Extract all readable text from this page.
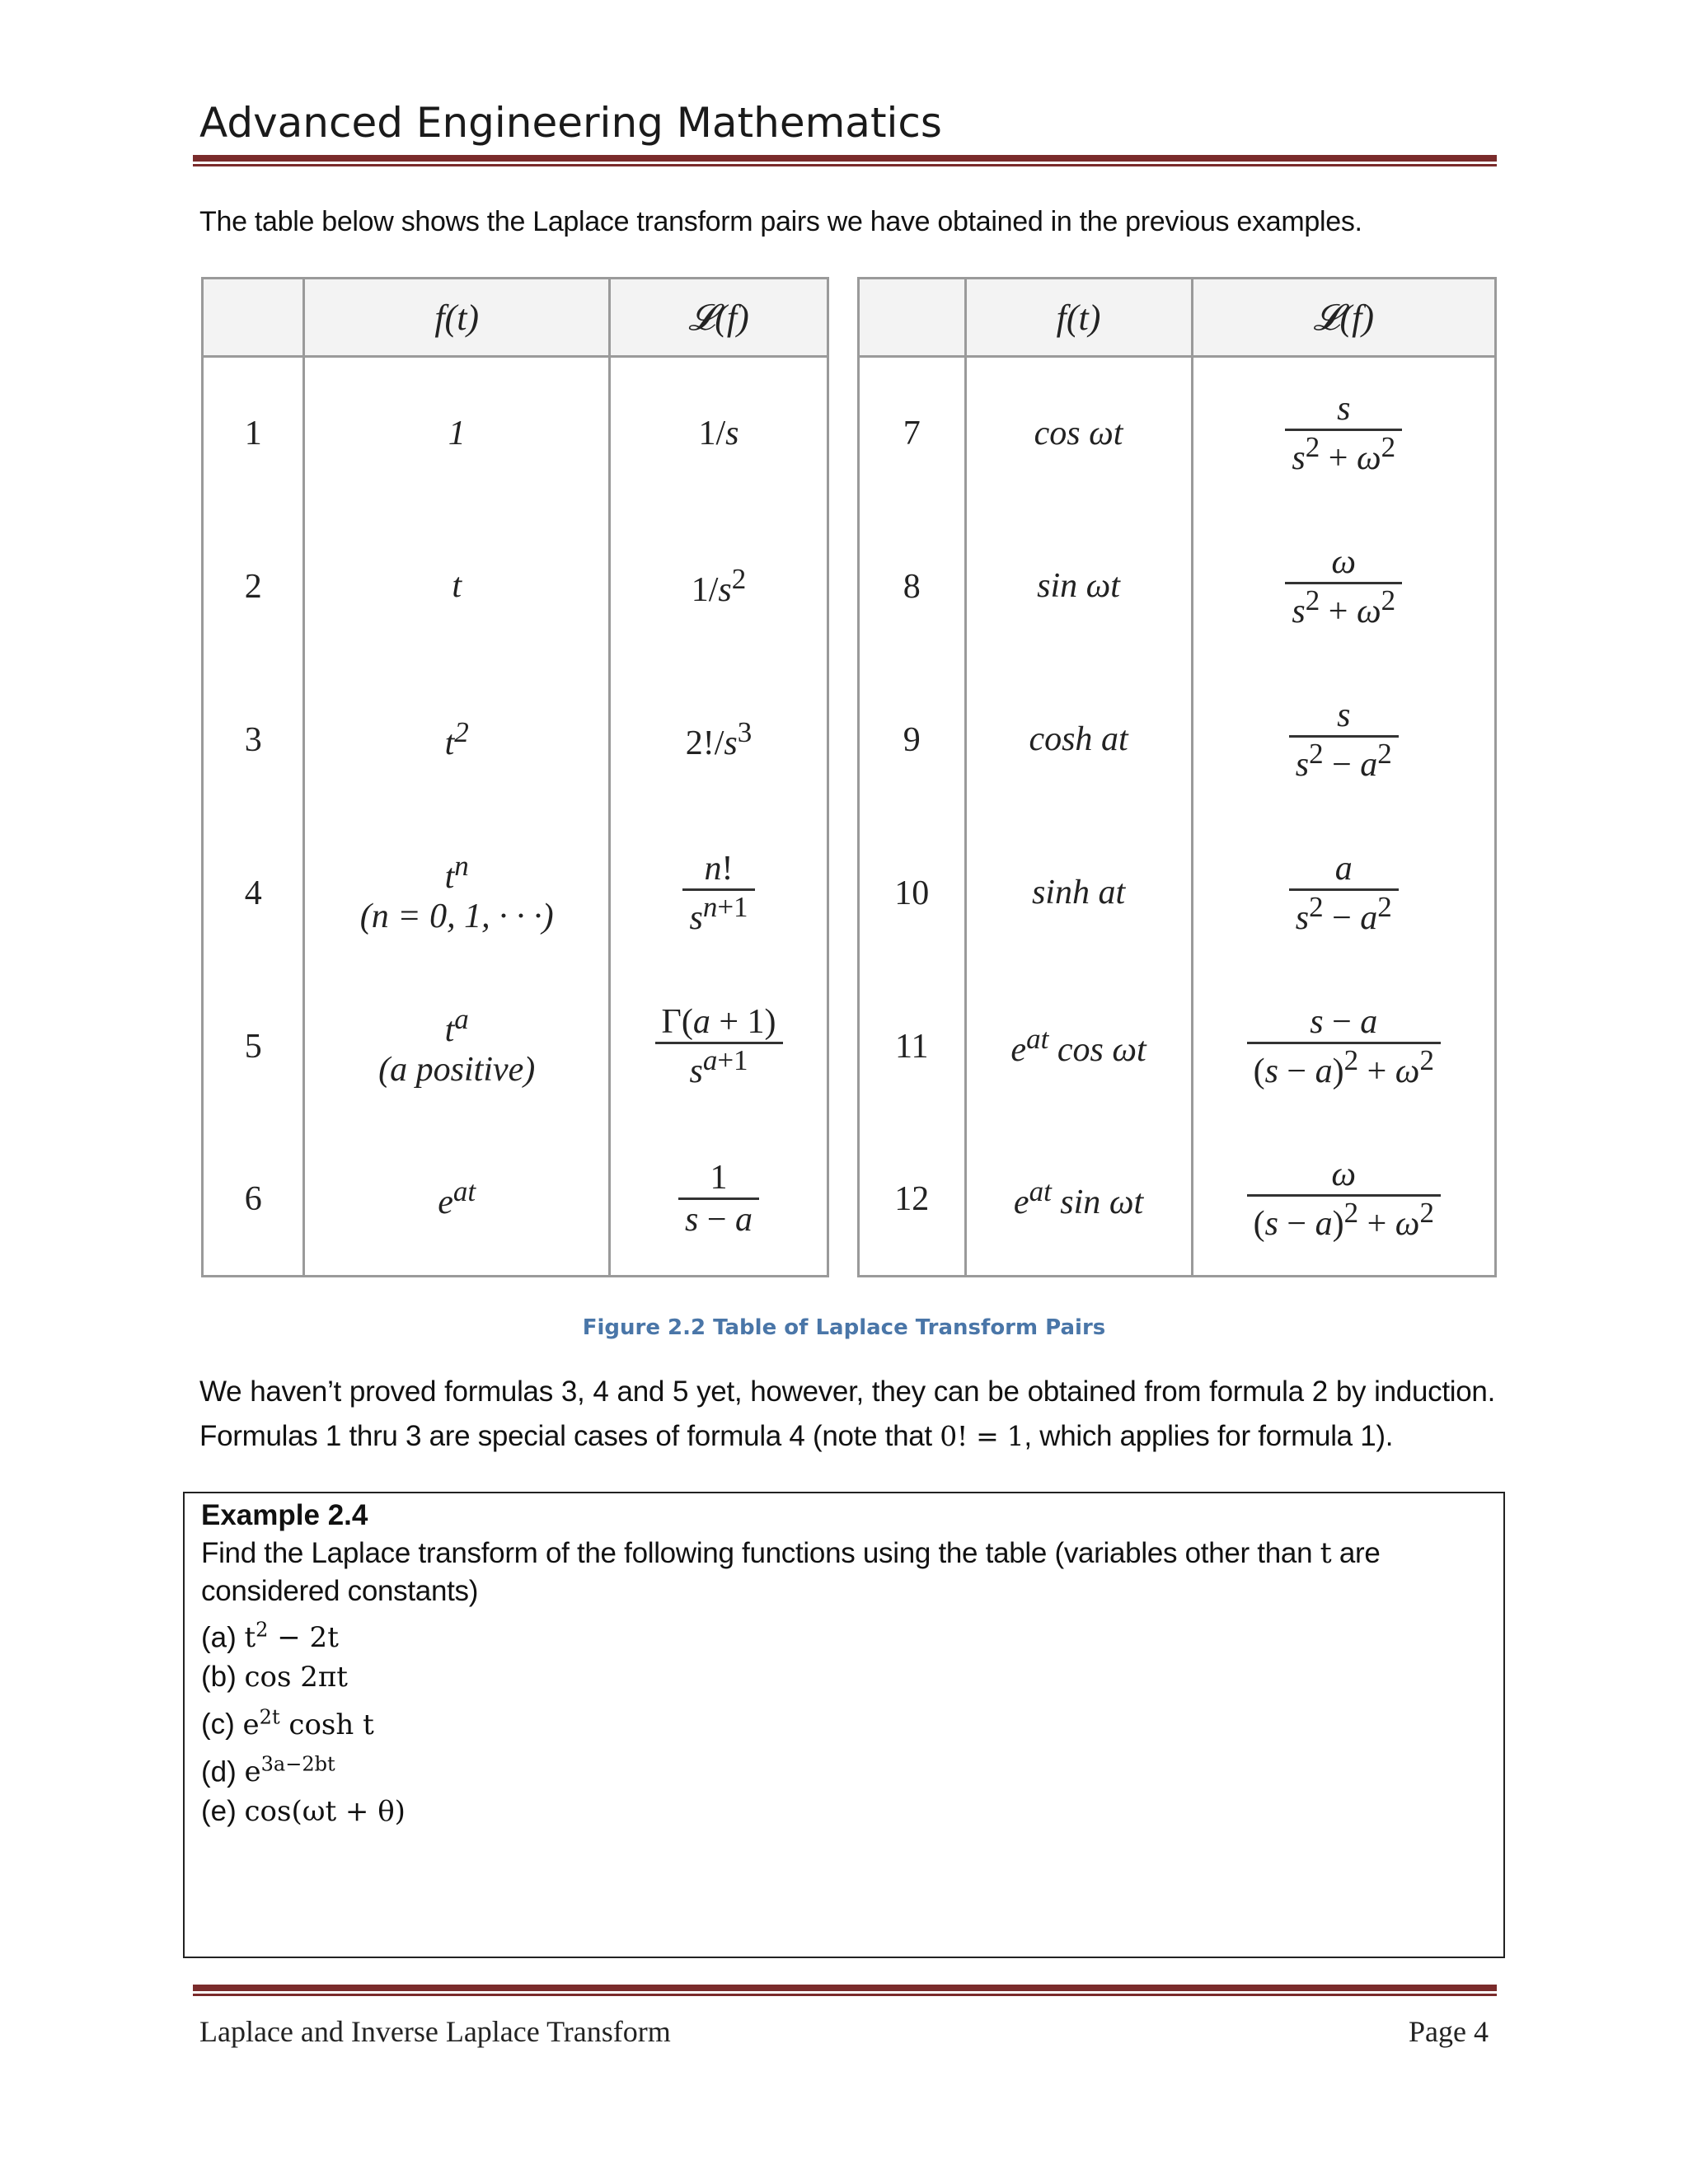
Advanced Engineering Mathematics
The table below shows the Laplace transform pairs we have obtained in the previous examples.
	f(t)	𝓛(f)
1	1	1/s
2	t	$1/s^2$
3	$t^2$	$2!/s^3$
4	$t^n$
(n = 0, 1, · · ·)	$\frac{n!}{s^{n+1}}$

5	$t^a$
(a positive)	$\frac{\Gamma(a + 1)}{s^{a+1}}$

6	$e^{at}$	$\frac{1}{s - a}$
	f(t)	𝓛(f)
7	cos ωt	$\frac{s}{s^2 + \omega^2}$

8	sin ωt	$\frac{\omega}{s^2 + \omega^2}$

9	cosh at	$\frac{s}{s^2 - a^2}$

10	sinh at	$\frac{a}{s^2 - a^2}$

11	$e^{at}$ cos ωt	$\frac{s - a}{(s - a)^2 + \omega^2}$

12	$e^{at}$ sin ωt	$\frac{\omega}{(s - a)^2 + \omega^2}$
Figure 2.2 Table of Laplace Transform Pairs
We haven’t proved formulas 3, 4 and 5 yet, however, they can be obtained from formula 2 by induction. Formulas 1 thru 3 are special cases of formula 4 (note that 0! = 1, which applies for formula 1).
Example 2.4
Find the Laplace transform of the following functions using the table (variables other than t are considered constants)
(a) $t^2 - 2t$
(b) cos 2πt
(c) $e^{2t}$ cosh t
(d) $e^{3a-2bt}$
(e) cos(ωt + θ)
Laplace and Inverse Laplace Transform	Page 4
